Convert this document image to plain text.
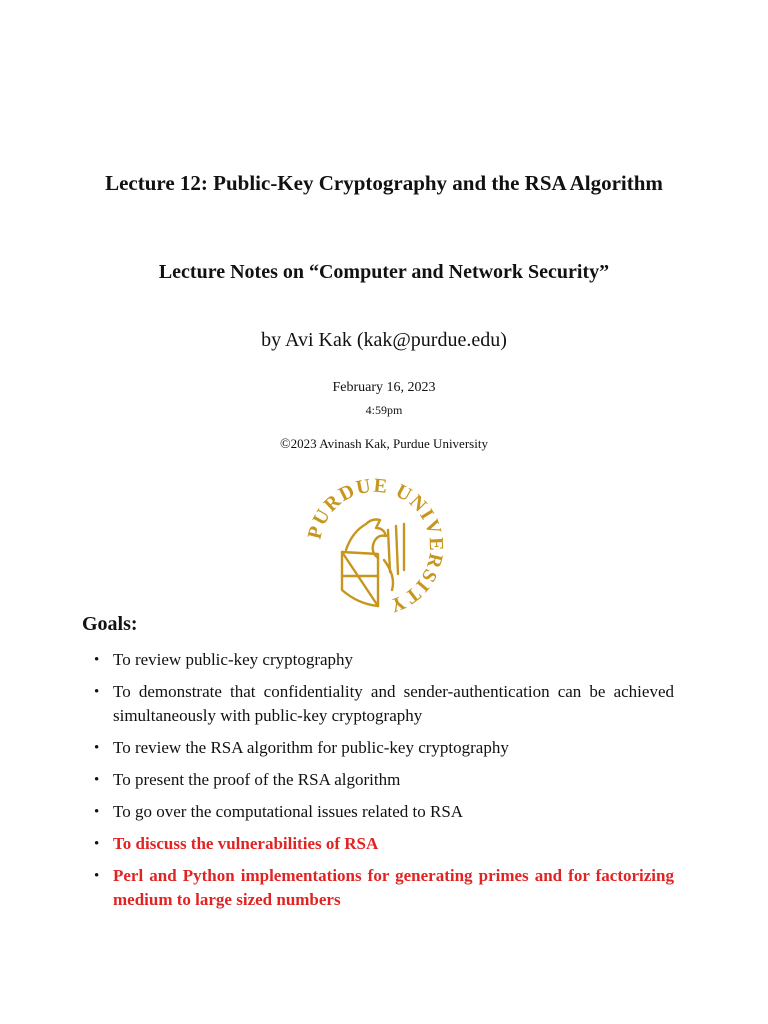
Lecture 12: Public-Key Cryptography and the RSA Algorithm
Lecture Notes on “Computer and Network Security”
by Avi Kak (kak@purdue.edu)
February 16, 2023
4:59pm
©2023 Avinash Kak, Purdue University
PURDUE UNIVERSITY
Goals:
• To review public-key cryptography
• To demonstrate that confidentiality and sender-authentication can be achieved simultaneously with public-key cryptography
• To review the RSA algorithm for public-key cryptography
• To present the proof of the RSA algorithm
• To go over the computational issues related to RSA
• To discuss the vulnerabilities of RSA
• Perl and Python implementations for generating primes and for factorizing medium to large sized numbers
